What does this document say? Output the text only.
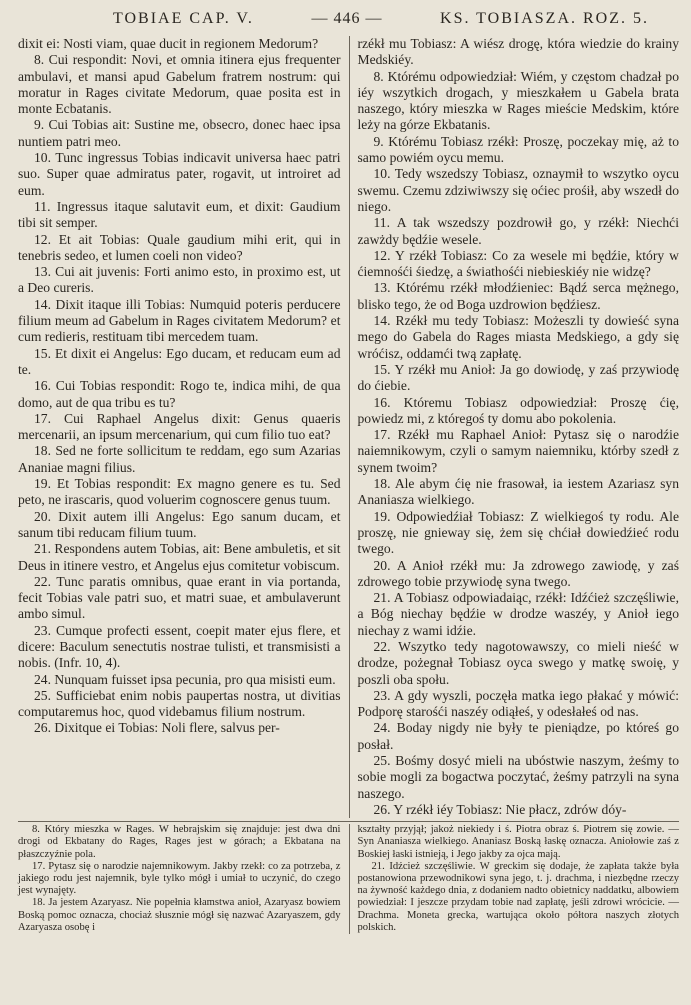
TOBIAE CAP. V.	— 446 —	KS. TOBIASZA. ROZ. 5.

dixit ei: Nosti viam, quae ducit in regionem Medorum?

8. Cui respondit: Novi, et omnia itinera ejus frequenter ambulavi, et mansi apud Gabelum fratrem nostrum: qui moratur in Rages civitate Medorum, quae posita est in monte Ecbatanis.

9. Cui Tobias ait: Sustine me, obsecro, donec haec ipsa nuntiem patri meo.

10. Tunc ingressus Tobias indicavit universa haec patri suo. Super quae admiratus pater, rogavit, ut introiret ad eum.

11. Ingressus itaque salutavit eum, et dixit: Gaudium tibi sit semper.

12. Et ait Tobias: Quale gaudium mihi erit, qui in tenebris sedeo, et lumen coeli non video?

13. Cui ait juvenis: Forti animo esto, in proximo est, ut a Deo cureris.

14. Dixit itaque illi Tobias: Numquid poteris perducere filium meum ad Gabelum in Rages civitatem Medorum? et cum redieris, restituam tibi mercedem tuam.

15. Et dixit ei Angelus: Ego ducam, et reducam eum ad te.

16. Cui Tobias respondit: Rogo te, indica mihi, de qua domo, aut de qua tribu es tu?

17. Cui Raphael Angelus dixit: Genus quaeris mercenarii, an ipsum mercenarium, qui cum filio tuo eat?

18. Sed ne forte sollicitum te reddam, ego sum Azarias Ananiae magni filius.

19. Et Tobias respondit: Ex magno genere es tu. Sed peto, ne irascaris, quod voluerim cognoscere genus tuum.

20. Dixit autem illi Angelus: Ego sanum ducam, et sanum tibi reducam filium tuum.

21. Respondens autem Tobias, ait: Bene ambuletis, et sit Deus in itinere vestro, et Angelus ejus comitetur vobiscum.

22. Tunc paratis omnibus, quae erant in via portanda, fecit Tobias vale patri suo, et matri suae, et ambulaverunt ambo simul.

23. Cumque profecti essent, coepit mater ejus flere, et dicere: Baculum senectutis nostrae tulisti, et transmisisti a nobis. (Infr. 10, 4).

24. Nunquam fuisset ipsa pecunia, pro qua misisti eum.

25. Sufficiebat enim nobis paupertas nostra, ut divitias computaremus hoc, quod videbamus filium nostrum.

26. Dixitque ei Tobias: Noli flere, salvus per-

rzékł mu Tobiasz: A wiész drogę, która wiedzie do krainy Medskiéy.

8. Którému odpowiedział: Wiém, y częstom chadzał po iéy wszytkich drogach, y mieszkałem u Gabela brata naszego, który mieszka w Rages mieście Medskim, które leży na górze Ekbatanis.

9. Którému Tobiasz rzékł: Proszę, poczekay mię, aż to samo powiém oycu memu.

10. Tedy wszedszy Tobiasz, oznaymił to wszytko oycu swemu. Czemu zdziwiwszy się oćiec prośił, aby wszedł do niego.

11. A tak wszedszy pozdrowił go, y rzékł: Niechći zawżdy będźie wesele.

12. Y rzékł Tobiasz: Co za wesele mi będźie, który w ćiemnośći śiedzę, a świathośći niebieskiéy nie widzę?

13. Którému rzékł młodźieniec: Bądź serca mężnego, blisko tego, że od Boga uzdrowion będźiesz.

14. Rzékł mu tedy Tobiasz: Możeszli ty dowieść syna mego do Gabela do Rages miasta Medskiego, a gdy się wróćisz, oddamći twą zapłatę.

15. Y rzékł mu Anioł: Ja go dowiodę, y zaś przywiodę do ćiebie.

16. Któremu Tobiasz odpowiedział: Proszę ćię, powiedz mi, z któregoś ty domu abo pokolenia.

17. Rzékł mu Raphael Anioł: Pytasz się o narodźie naiemnikowym, czyli o samym naiemniku, którby szedł z synem twoim?

18. Ale abym ćię nie frasował, ia iestem Azariasz syn Ananiasza wielkiego.

19. Odpowiedźiał Tobiasz: Z wielkiegoś ty rodu. Ale proszę, nie gnieway się, żem się chćiał dowiedźieć rodu twego.

20. A Anioł rzékł mu: Ja zdrowego zawiodę, y zaś zdrowego tobie przywiodę syna twego.

21. A Tobiasz odpowiadaiąc, rzékł: Idźćież szczęśliwie, a Bóg niechay będźie w drodze waszéy, y Anioł iego niechay z wami idźie.

22. Wszytko tedy nagotowawszy, co mieli nieść w drodze, pożegnał Tobiasz oyca swego y matkę swoię, y poszli oba społu.

23. A gdy wyszli, poczęła matka iego płakać y mówić: Podporę starośći naszéy odiąłeś, y odesłałeś od nas.

24. Boday nigdy nie były te pieniądze, po któreś go posłał.

25. Bośmy dosyć mieli na ubóstwie naszym, żeśmy to sobie mogli za bogactwa poczytać, żeśmy patrzyli na syna naszego.

26. Y rzékł iéy Tobiasz: Nie płacz, zdrów dóy-

8. Który mieszka w Rages. W hebrajskim się znajduje: jest dwa dni drogi od Ekbatany do Rages, Rages jest w górach; a Ekbatana na płaszczyźnie pola.

17. Pytasz się o narodzie najemnikowym. Jakby rzekł: co za potrzeba, z jakiego rodu jest najemnik, byle tylko mógł i umiał to uczynić, do czego jest wynajęty.

18. Ja jestem Azaryasz. Nie popełnia kłamstwa anioł, Azaryasz bowiem Boską pomoc oznacza, chociaż słusznie mógł się nazwać Azaryaszem, gdy Azaryasza osobę i

kształty przyjął; jakoż niekiedy i ś. Piotra obraz ś. Piotrem się zowie. — Syn Ananiasza wielkiego. Ananiasz Boską łaskę oznacza. Aniołowie zaś z Boskiej łaski istnieją, i Jego jakby za ojca mają.

21. Idźcież szczęśliwie. W greckim się dodaje, że zapłata także była postanowiona przewodnikowi syna jego, t. j. drachma, i niezbędne rzeczy na żywność każdego dnia, z dodaniem nadto obietnicy naddatku, albowiem powiedział: I jeszcze przydam tobie nad zapłatę, jeśli zdrowi wrócicie. — Drachma. Moneta grecka, wartująca około półtora naszych złotych polskich.
